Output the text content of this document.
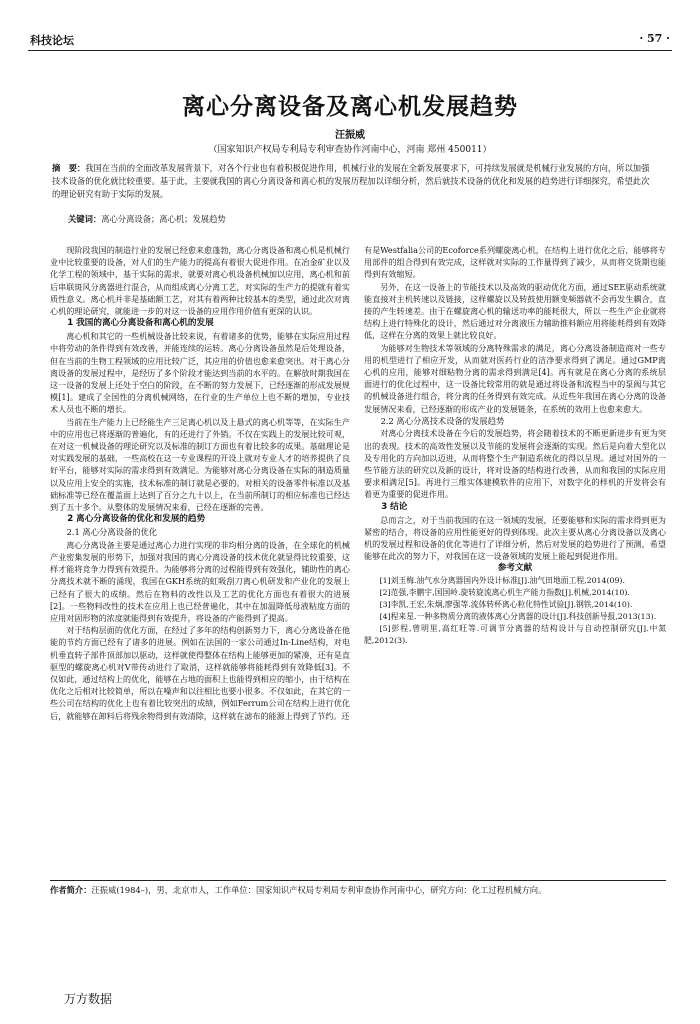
科技论坛	· 57 ·
离心分离设备及离心机发展趋势
汪振威
（国家知识产权局专利局专利审查协作河南中心，河南 郑州 450011）
摘　要：我国在当前的全面改革发展背景下，对各个行业也有着积极促进作用，机械行业的发展在全新发展要求下，可持续发展就是机械行业发展的方向，所以加强技术设备的优化就比较重要。基于此，主要就我国的离心分离设备和离心机的发展历程加以详细分析，然后就技术设备的优化和发展的趋势进行详细探究，希望此次的理论研究有助于实际的发展。
关键词：离心分离设备；离心机；发展趋势

现阶段我国的制造行业的发展已经愈来愈蓬勃，离心分离设备和离心机是机械行业中比较重要的设备，对人们的生产能力的提高有着很大促进作用。在冶金矿业以及化学工程的领域中，基于实际的需求，就要对离心机设备机械加以应用，离心机和前后串联斑风分离器进行混合，从而组成离心分离工艺，对实际的生产力的提就有着实质性意义。离心机并非是基础额工艺，对其有着两种比较基本的类型，通过此次对离心机的理论研究，就能进一步的对这一设备的应用作用价值有更深的认识。

1 我国的离心分离设备和离心机的发展

离心机和其它的一些机械设备比较来说，有着诸多的优势，能够在实际应用过程中将劳动的条件得到有效改善，并能连续的运转。离心分离设备虽然是后处理设备，但在当前的生物工程领域的应用比较广泛，其应用的价值也愈来愈突出。对于离心分离设备的发展过程中，是经历了多个阶段才能达到当前的水平的。在解放时期我国在这一设备的发展上还处于空白的阶段，在不断的努力发展下，已经逐渐的形成发展规模[1]。建成了全国性的分离机械网络，在行业的生产单位上也不断的增加，专业技术人员也不断的增长。

当前在生产能力上已经能生产三足离心机以及上悬式的离心机等等，在实际生产中的应用也已将逐渐的普遍化，有的还进行了外销。不仅在实践上的发展比较可观，在对这一机械设备的理论研究以及标准的制订方面也有着比较多的成果。基础理论是对实践发展的基础，一些高校在这一专业课程的开设上就对专业人才的培养提供了良好平台，能够对实际的需求得到有效满足。为能够对离心分离设备在实际的制造质量以及应用上安全的实施，技术标准的制订就是必要的。对相关的设备零件标准以及基础标准等已经在覆盖面上达到了百分之九十以上，在当前所制订的相应标准也已经达到了五十多个。从整体的发展情况来看，已经在逐渐的完善。

2 离心分离设备的优化和发展的趋势
2.1 离心分离设备的优化

离心分离设备主要是通过离心力进行实现的非均相分离的设备，在全球化的机械产业密集发展的形势下，加强对我国的离心分离设备的技术优化就显得比较重要，这样才能将竞争力得到有效提升。为能够将分离的过程能得到有效强化，辅助性的离心分离技术就不断的涌现，我国在GKH系统的虹吸刮刀离心机研发和产业化的发展上已经有了很大的成绩。然后在物料的改性以及工艺的优化方面也有着很大的进展[2]。一些物料改性的技术在应用上也已经普遍化，其中在加温降低母液粘度方面的应用对固形物的浓度就能得到有效提升，将设备的产能得到了提高。

对于结构层面的优化方面，在经过了多年的结构创新努力下，离心分离设备在他能的节约方面已经有了诸多的进展。例如在法国的一家公司通过In-Line结构，对电机垂直转子部件顶部加以驱动，这样就使得整体在结构上能够更加的紧凑，还有是直驱型的螺旋离心机对V带传动进行了取消，这样就能够将能耗得到有效降低[3]。不仅如此，通过结构上的优化，能够在占地的面积上也能得到相应的缩小，由于结构在优化之后相对比较简单，所以在噪声和以往相比也要小很多。不仅如此，在其它的一些公司在结构的优化上也有着比较突出的成绩，例如Ferrum公司在结构上进行优化后，就能够在卸料后将残余物得到有效清除，这样就在滤布的能源上得到了节约。还

有是Westfalia公司的Ecoforce系列螺旋离心机，在结构上进行优化之后，能够将专用部件的组合得到有效完成，这样就对实际的工作量得到了减少，从而将交货期也能得到有效缩短。

另外，在这一设备上的节能技术以及高效的驱动优化方面，通过SEE驱动系统就能直接对主机转速以及链接，这样螺旋以及转鼓使用额变频器就不会再发生耦合，直接的产生转速差。由于在螺旋离心机的输送功率的能耗很大，所以一些生产企业就将结构上进行特殊化的设计，然后通过对分离液压力辅助推料额应用将能耗得到有效降低，这样在分离的效果上就比较良好。

为能够对生物技术等领域的分离特殊需求的满足，离心分离设备制造商对一些专用的机型进行了相应开发，从而就对医药行业的洁净要求得到了满足。通过GMP离心机的应用，能够对细粘物分离的需求得到满足[4]。再有就是在离心分离的系统层面进行的优化过程中，这一设备比较常用的就是通过将设备和流程当中的泵阀与其它的机械设备进行组合，将分离的任务得到有效完成。从近些年我国在离心分离的设备发展情况来看，已经逐渐的形成产业的发展链条，在系统的效用上也愈来愈大。

2.2 离心分离技术设备的发展趋势

对离心分离技术设备在今后的发展趋势，将会随着技术的不断更新进步有更为突出的表现。技术的高效性发展以及节能的发展将会逐渐的实现。然后是向着大型化以及专用化的方向加以迈进，从而将整个生产制造系统化的得以呈现。通过对国外的一些节能方法的研究以及新的设计，将对设备的结构进行改善，从而和我国的实际应用要求相满足[5]。再进行三维实体建模软件的应用下，对数字化的样机的开发将会有着更为重要的促进作用。

3 结论

总而言之，对于当前我国的在这一领域的发展，还要能够和实际的需求得到更为紧密的结合，将设备的应用性能更好的得到体现。此次主要从离心分离设备以及离心机的发展过程和设备的优化等进行了详细分析，然后对发展的趋势进行了预测，希望能够在此次的努力下，对我国在这一设备领域的发展上能起到促进作用。

参考文献

[1]刘玉梅.油气水分离器国内外设计标准[J].油气田地面工程,2014(09).

[2]范强,李鹏宇,国国岭.旋转旋流离心机生产能力指数[J].机械,2014(10).

[3]李凯,王宏,朱炯,廖强等.流体转杯离心粒化特性试验[J].钢铁,2014(10).

[4]程来星.一种多物质分离的液体离心分离器的设计[J].科技创新导报,2013(13).

[5]彭程,曾明里,高红旺等.可调节分离器的结构设计与自动控制研究[J].中氮肥,2012(3).

作者简介：汪振威(1984–)，男，北京市人，工作单位：国家知识产权局专利局专利审查协作河南中心，研究方向：化工过程机械方向。
万方数据
